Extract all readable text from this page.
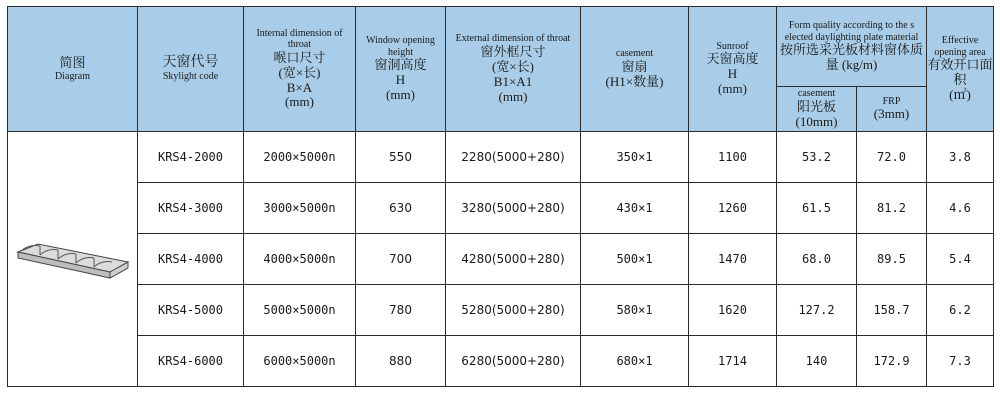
简图
Diagram	天窗代号
Skylight code	Internal dimension of throat
喉口尺寸
(宽×长)
B×A
(mm)	Window opening height
窗洞高度
H
(mm)	External dimension of throat
窗外框尺寸
(宽×长)
B1×A1
(mm)	casement
窗扇
(H1×数量)	Sunroof
天窗高度
H
(mm)	Form quality according to the s elected daylighting plate material
按所选采光板材料窗体质量 (kg/m)		Effective opening area
有效开口面积
(㎡)

							casement
阳光板
(10mm)	FRP
(3mm)	

	KRS4-2000	2000×5000n	550	2280(5000+280)	350×1	1100	53.2	72.0	3.8
	KRS4-3000	3000×5000n	630	3280(5000+280)	430×1	1260	61.5	81.2	4.6
	KRS4-4000	4000×5000n	700	4280(5000+280)	500×1	1470	68.0	89.5	5.4
	KRS4-5000	5000×5000n	780	5280(5000+280)	580×1	1620	127.2	158.7	6.2
	KRS4-6000	6000×5000n	880	6280(5000+280)	680×1	1714	140	172.9	7.3
